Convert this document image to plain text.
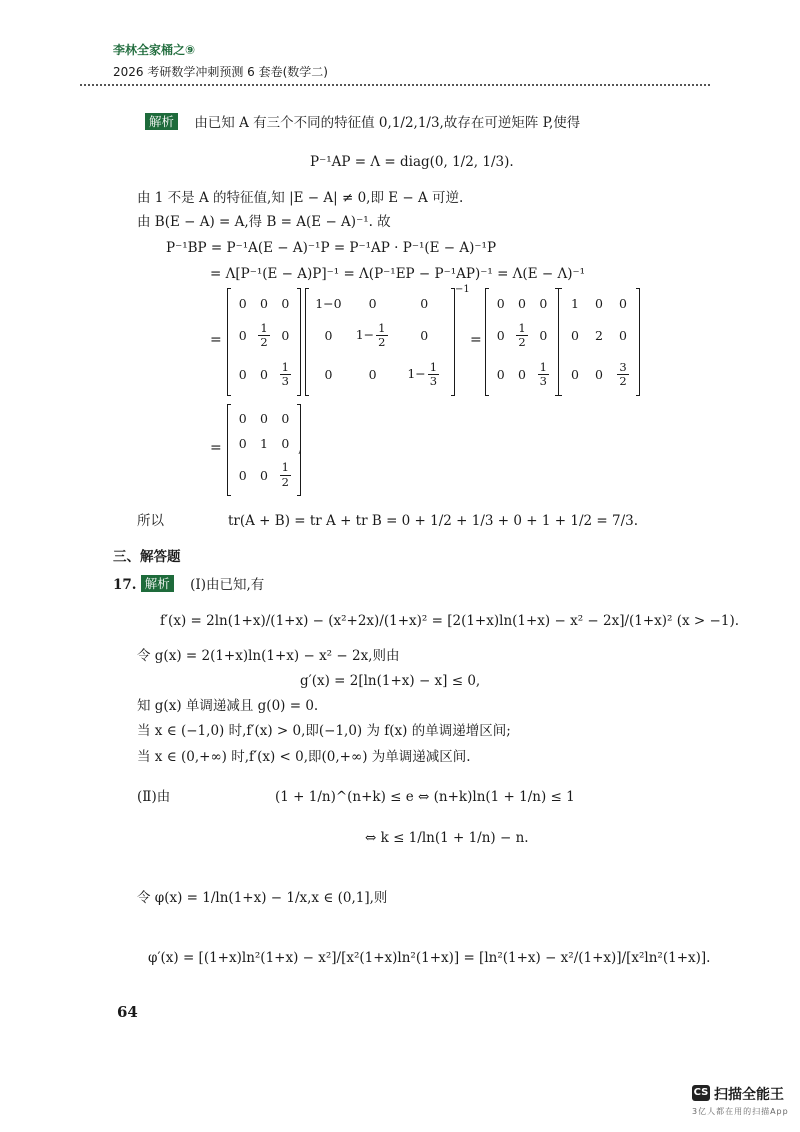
李林全家桶之⑨
2026 考研数学冲刺预测 6 套卷(数学二)
解析 由已知 A 有三个不同的特征值 0,1/2,1/3,故存在可逆矩阵 P,使得
P⁻¹AP = Λ = diag(0, 1/2, 1/3).
由 1 不是 A 的特征值,知 |E − A| ≠ 0,即 E − A 可逆.
由 B(E − A) = A,得 B = A(E − A)⁻¹. 故
P⁻¹BP = P⁻¹A(E − A)⁻¹P = P⁻¹AP · P⁻¹(E − A)⁻¹P
= Λ[P⁻¹(E − A)P]⁻¹ = Λ(P⁻¹EP − P⁻¹AP)⁻¹ = Λ(E − Λ)⁻¹
=
0 0 0
$0 \frac{1}{2} 0$
0 $0 \frac{1}{3}$
1−0 0	0
0 $1- \frac{1}{2}$	0
0	0 $1- \frac{1}{3}$
−1
=
0 0 0
$0 \frac{1}{2} 0$
0 $0 \frac{1}{3}$
1 0 0
0 2 0
0 $0 \frac{3}{2}$
=
0 0 0
0 1 0
0 $0 \frac{1}{2}$
,
所以	tr(A + B) = tr A + tr B = 0 + 1/2 + 1/3 + 0 + 1 + 1/2 = 7/3.
三、解答题
17. 解析 (Ⅰ)由已知,有
f′(x) = 2ln(1+x)/(1+x) − (x²+2x)/(1+x)² = [2(1+x)ln(1+x) − x² − 2x]/(1+x)² (x > −1).
令 g(x) = 2(1+x)ln(1+x) − x² − 2x,则由
g′(x) = 2[ln(1+x) − x] ≤ 0,
知 g(x) 单调递减且 g(0) = 0.
当 x ∈ (−1,0) 时,f′(x) > 0,即(−1,0) 为 f(x) 的单调递增区间;
当 x ∈ (0,+∞) 时,f′(x) < 0,即(0,+∞) 为单调递减区间.
(Ⅱ)由	(1 + 1/n)^(n+k) ≤ e ⇔ (n+k)ln(1 + 1/n) ≤ 1
⇔ k ≤ 1/ln(1 + 1/n) − n.
令 φ(x) = 1/ln(1+x) − 1/x,x ∈ (0,1],则
φ′(x) = [(1+x)ln²(1+x) − x²]/[x²(1+x)ln²(1+x)] = [ln²(1+x) − x²/(1+x)]/[x²ln²(1+x)].
64
CS 扫描全能王
3亿人都在用的扫描App
